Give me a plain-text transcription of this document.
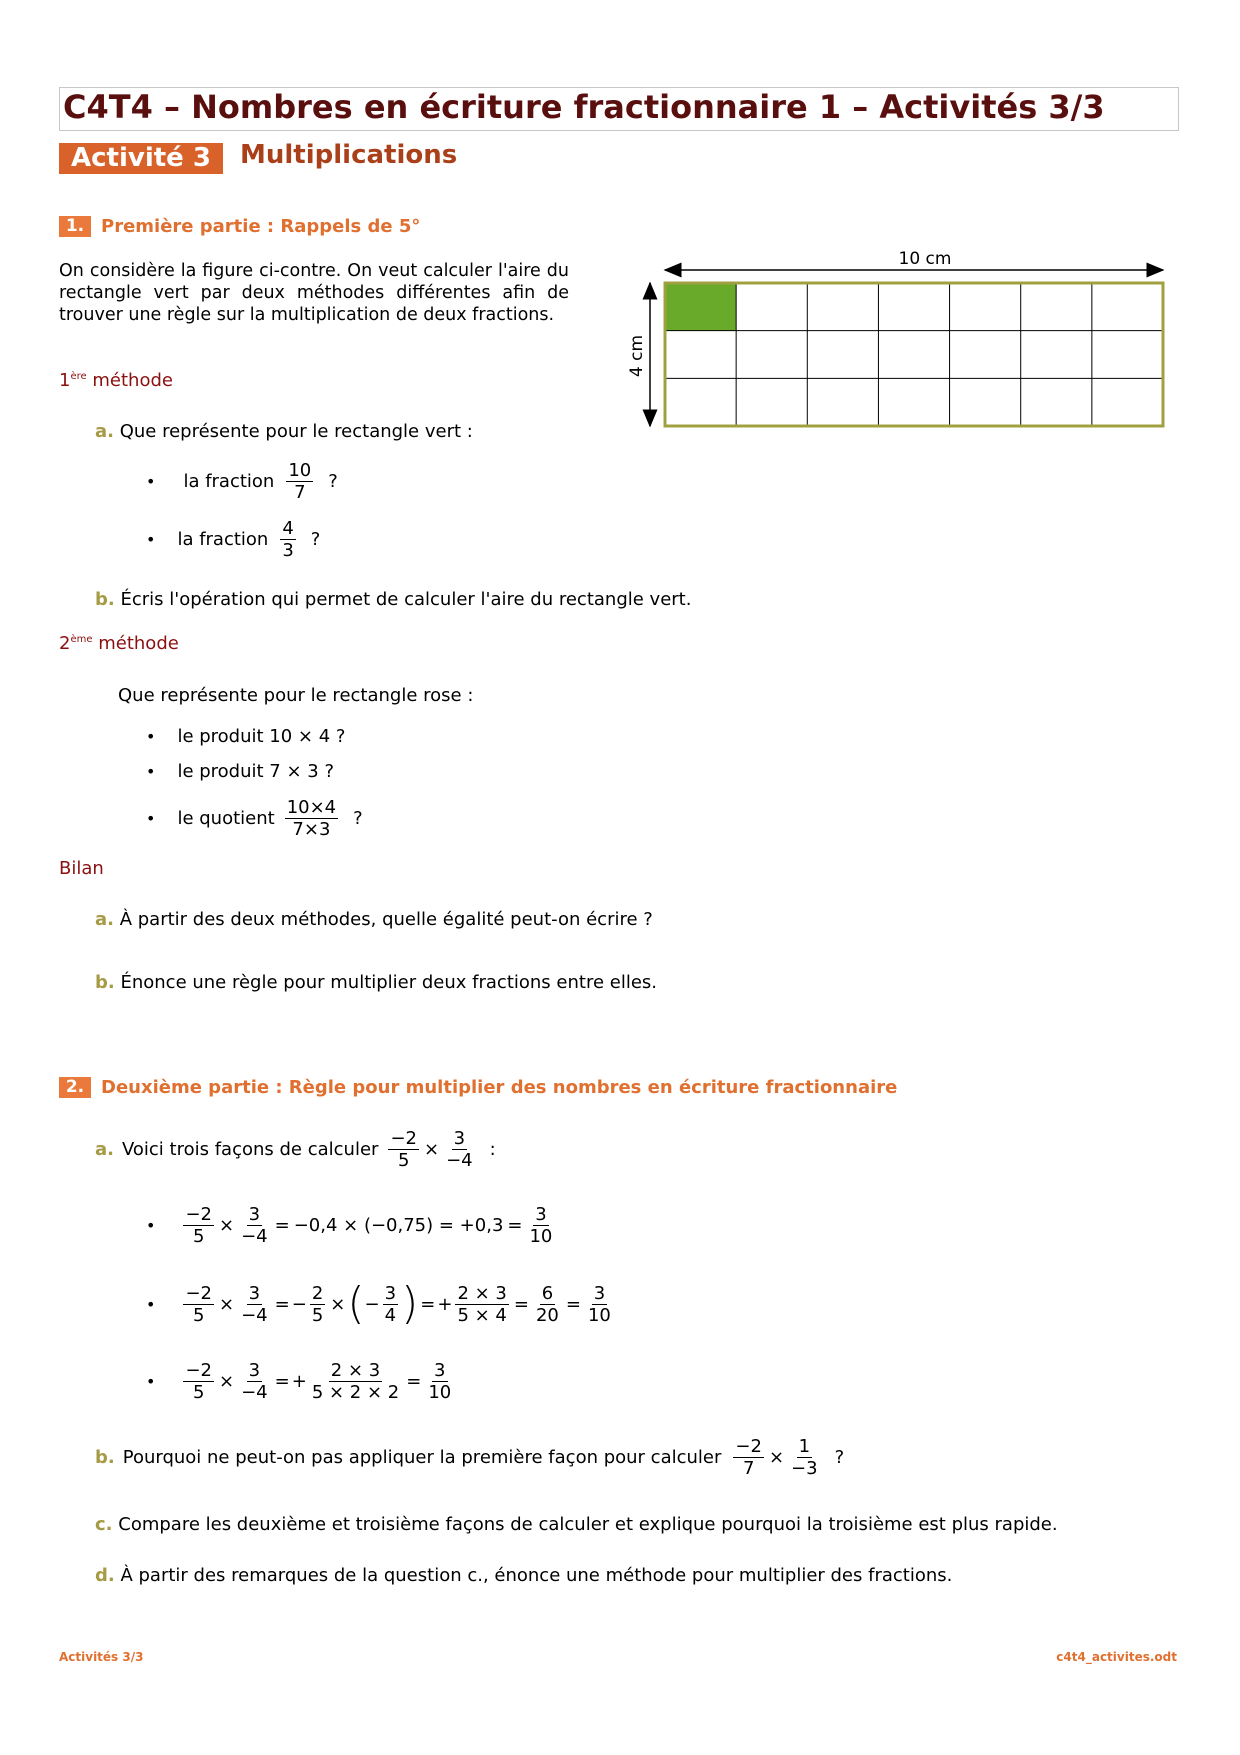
C4T4 – Nombres en écriture fractionnaire 1 – Activités 3/3
Activité 3	Multiplications
1. Première partie : Rappels de 5°
On considère la figure ci-contre. On veut calculer l'aire du rectangle vert par deux méthodes différentes afin de trouver une règle sur la multiplication de deux fractions.
10 cm
4 cm
1ère méthode
a. Que représente pour le rectangle vert :
• la fraction $\frac{10}{7}$ ?
• la fraction $\frac{4}{3}$ ?
b. Écris l'opération qui permet de calculer l'aire du rectangle vert.
2ème méthode
Que représente pour le rectangle rose :
• le produit 10 × 4 ?
• le produit 7 × 3 ?
• le quotient $\frac{10\times 4}{7\times 3}$ ?
Bilan
a. À partir des deux méthodes, quelle égalité peut-on écrire ?
b. Énonce une règle pour multiplier deux fractions entre elles.
2. Deuxième partie : Règle pour multiplier des nombres en écriture fractionnaire
a. Voici trois façons de calculer $\frac{-2}{5} \times \frac{3}{-4}$ :
• $\frac{-2}{5} \times \frac{3}{-4} = -0,4 \times (-0,75) = +0,3 = \frac{3}{10}$
• $\frac{-2}{5} \times \frac{3}{-4}$ = − $\frac{2}{5}$ × ( − $\frac{3}{4}$ ) = + $\frac{2 \times 3}{5 \times 4} = \frac{6}{20} = \frac{3}{10}$
• $\frac{-2}{5} \times \frac{3}{-4}$ = + $\frac{2 \times 3}{5 \times 2 \times 2} = \frac{3}{10}$
b. Pourquoi ne peut-on pas appliquer la première façon pour calculer $\frac{-2}{7} \times \frac{1}{-3}$ ?
c. Compare les deuxième et troisième façons de calculer et explique pourquoi la troisième est plus rapide.
d. À partir des remarques de la question c., énonce une méthode pour multiplier des fractions.
Activités 3/3	c4t4_activites.odt
